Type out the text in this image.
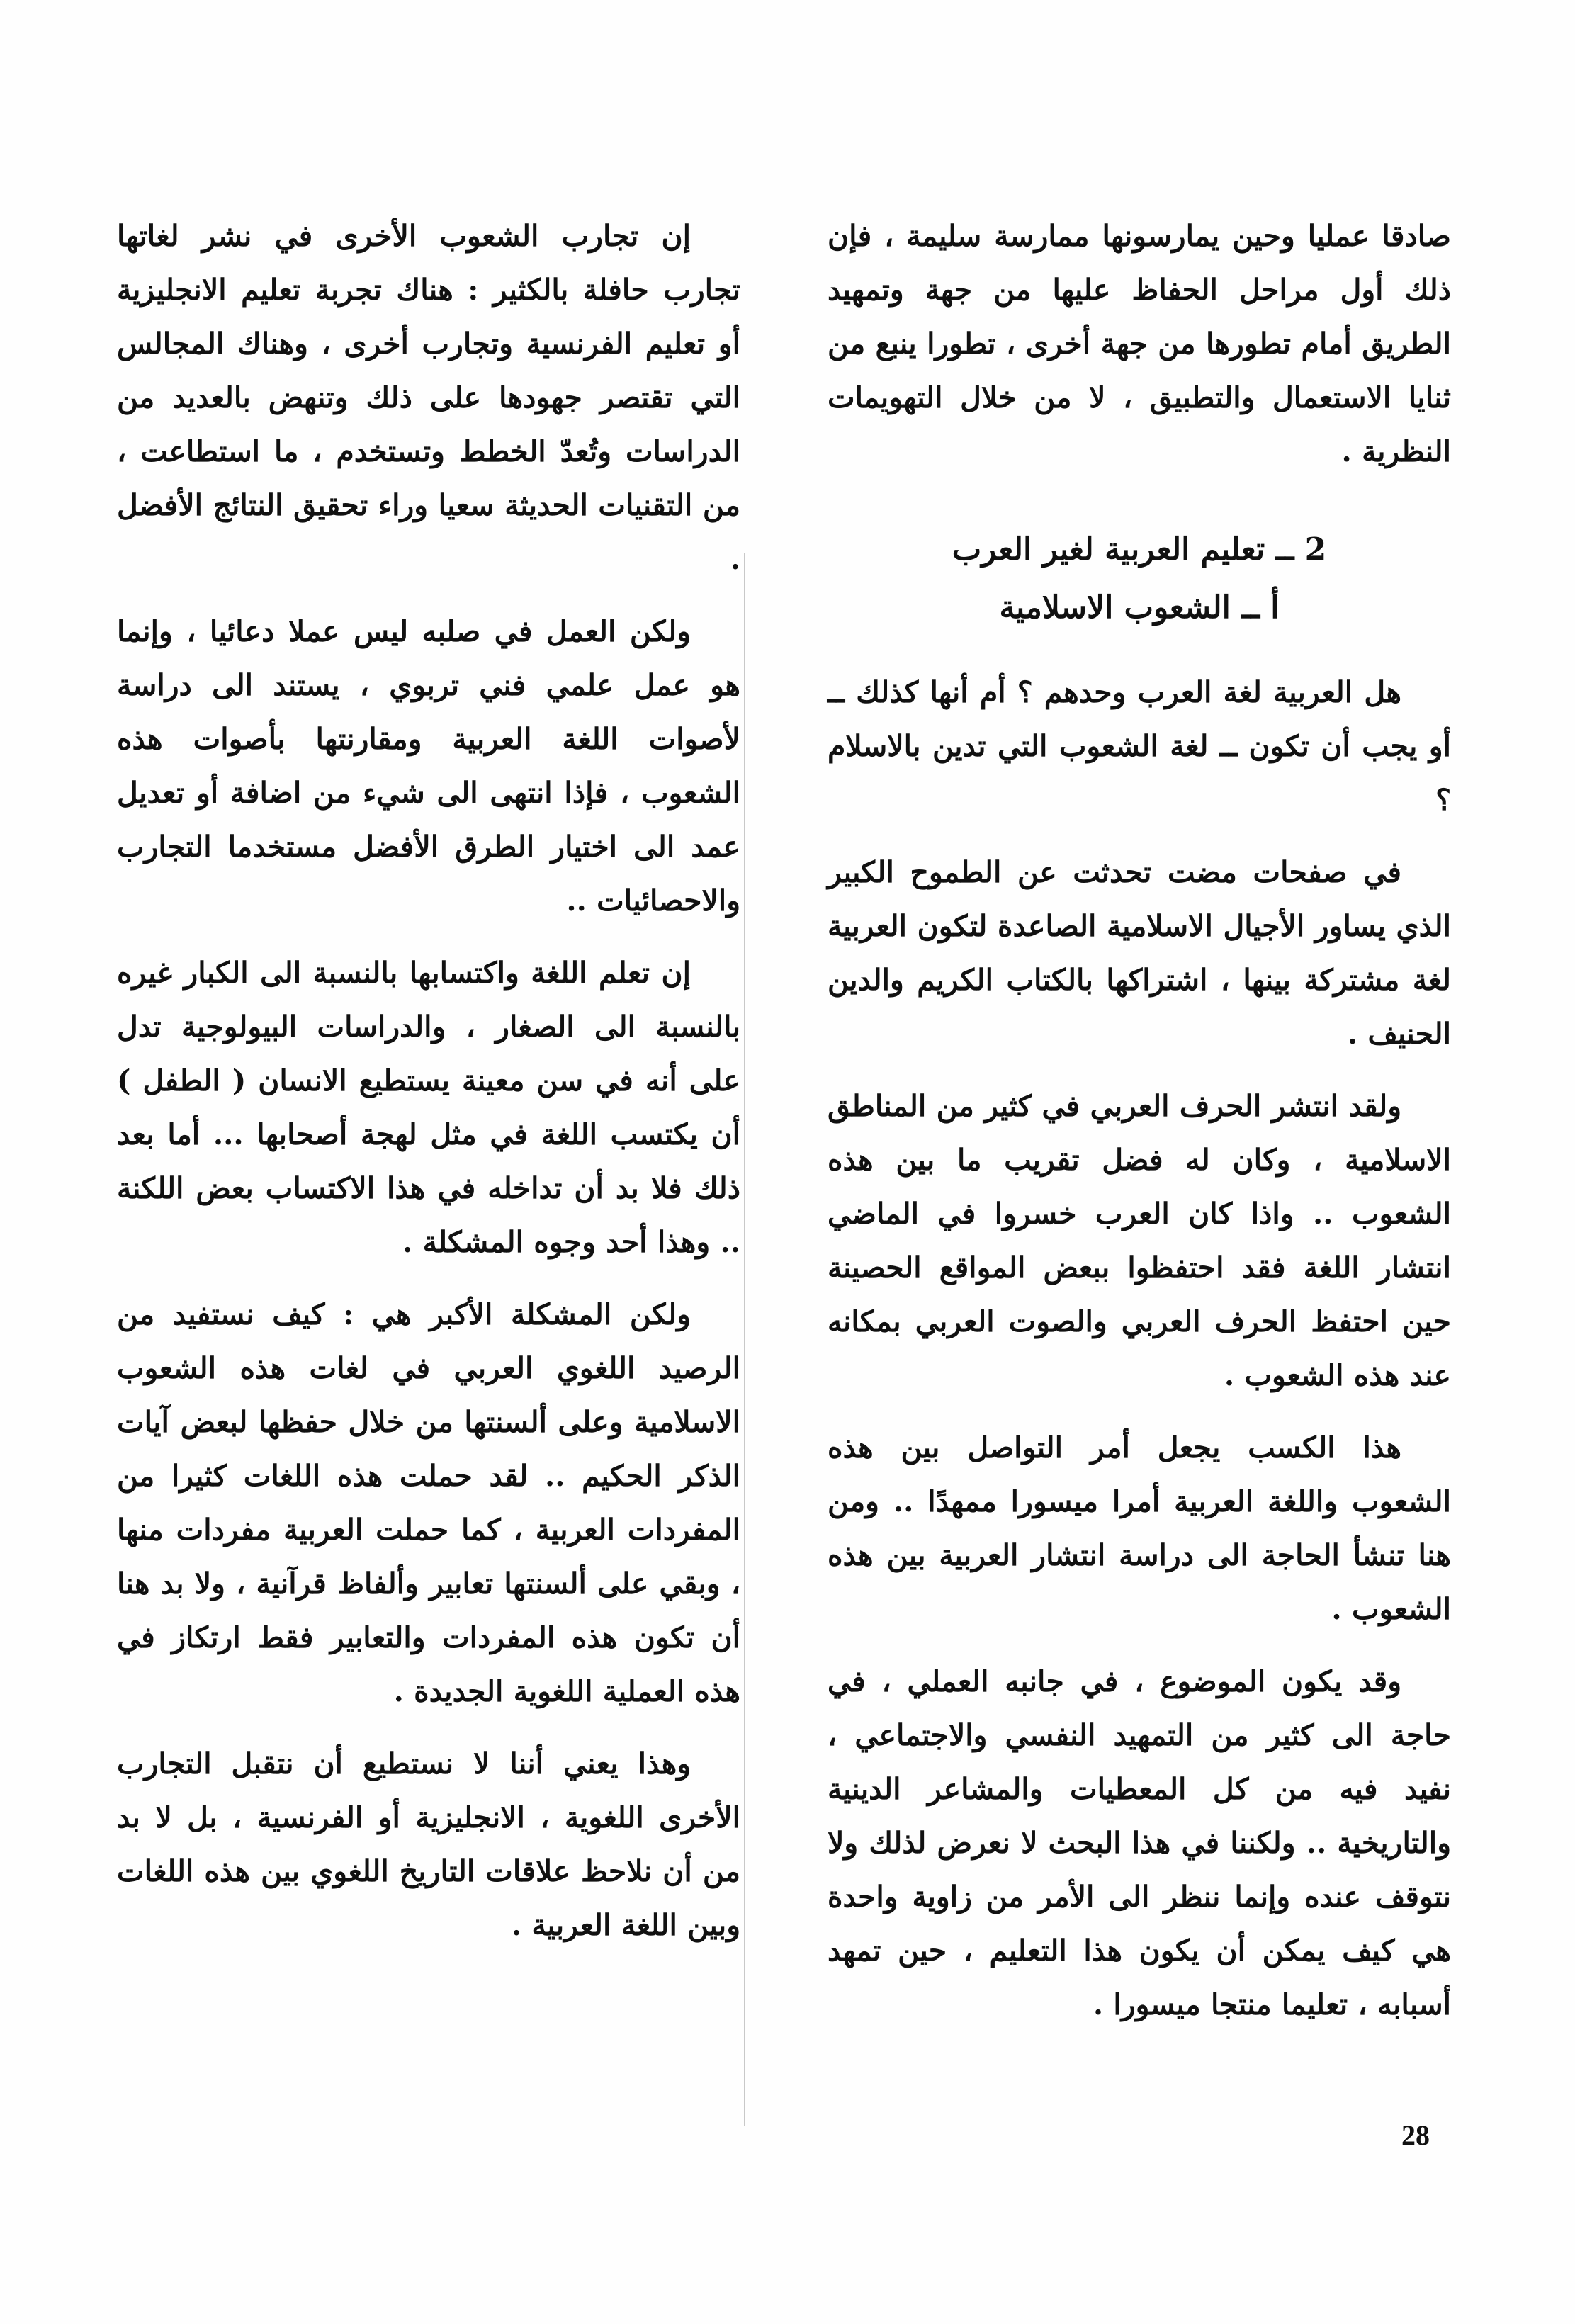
صادقا عمليا وحين يمارسونها ممارسة سليمة ، فإن ذلك أول مراحل الحفاظ عليها من جهة وتمهيد الطريق أمام تطورها من جهة أخرى ، تطورا ينبع من ثنايا الاستعمال والتطبيق ، لا من خلال التهويمات النظرية .

2 ــ تعليم العربية لغير العرب
أ ــ الشعوب الاسلامية

هل العربية لغة العرب وحدهم ؟ أم أنها كذلك ــ أو يجب أن تكون ــ لغة الشعوب التي تدين بالاسلام ؟

في صفحات مضت تحدثت عن الطموح الكبير الذي يساور الأجيال الاسلامية الصاعدة لتكون العربية لغة مشتركة بينها ، اشتراكها بالكتاب الكريم والدين الحنيف .

ولقد انتشر الحرف العربي في كثير من المناطق الاسلامية ، وكان له فضل تقريب ما بين هذه الشعوب .. واذا كان العرب خسروا في الماضي انتشار اللغة فقد احتفظوا ببعض المواقع الحصينة حين احتفظ الحرف العربي والصوت العربي بمكانه عند هذه الشعوب .

هذا الكسب يجعل أمر التواصل بين هذه الشعوب واللغة العربية أمرا ميسورا ممهدًا .. ومن هنا تنشأ الحاجة الى دراسة انتشار العربية بين هذه الشعوب .

وقد يكون الموضوع ، في جانبه العملي ، في حاجة الى كثير من التمهيد النفسي والاجتماعي ، نفيد فيه من كل المعطيات والمشاعر الدينية والتاريخية .. ولكننا في هذا البحث لا نعرض لذلك ولا نتوقف عنده وإنما ننظر الى الأمر من زاوية واحدة هي كيف يمكن أن يكون هذا التعليم ، حين تمهد أسبابه ، تعليما منتجا ميسورا .

إن تجارب الشعوب الأخرى في نشر لغاتها تجارب حافلة بالكثير : هناك تجربة تعليم الانجليزية أو تعليم الفرنسية وتجارب أخرى ، وهناك المجالس التي تقتصر جهودها على ذلك وتنهض بالعديد من الدراسات وتُعدّ الخطط وتستخدم ، ما استطاعت ، من التقنيات الحديثة سعيا وراء تحقيق النتائج الأفضل .

ولكن العمل في صلبه ليس عملا دعائيا ، وإنما هو عمل علمي فني تربوي ، يستند الى دراسة لأصوات اللغة العربية ومقارنتها بأصوات هذه الشعوب ، فإذا انتهى الى شيء من اضافة أو تعديل عمد الى اختيار الطرق الأفضل مستخدما التجارب والاحصائيات ..

إن تعلم اللغة واكتسابها بالنسبة الى الكبار غيره بالنسبة الى الصغار ، والدراسات البيولوجية تدل على أنه في سن معينة يستطيع الانسان ( الطفل ) أن يكتسب اللغة في مثل لهجة أصحابها ... أما بعد ذلك فلا بد أن تداخله في هذا الاكتساب بعض اللكنة .. وهذا أحد وجوه المشكلة .

ولكن المشكلة الأكبر هي : كيف نستفيد من الرصيد اللغوي العربي في لغات هذه الشعوب الاسلامية وعلى ألسنتها من خلال حفظها لبعض آيات الذكر الحكيم .. لقد حملت هذه اللغات كثيرا من المفردات العربية ، كما حملت العربية مفردات منها ، وبقي على ألسنتها تعابير وألفاظ قرآنية ، ولا بد هنا أن تكون هذه المفردات والتعابير فقط ارتكاز في هذه العملية اللغوية الجديدة .

وهذا يعني أننا لا نستطيع أن نتقبل التجارب الأخرى اللغوية ، الانجليزية أو الفرنسية ، بل لا بد من أن نلاحظ علاقات التاريخ اللغوي بين هذه اللغات وبين اللغة العربية .

28
